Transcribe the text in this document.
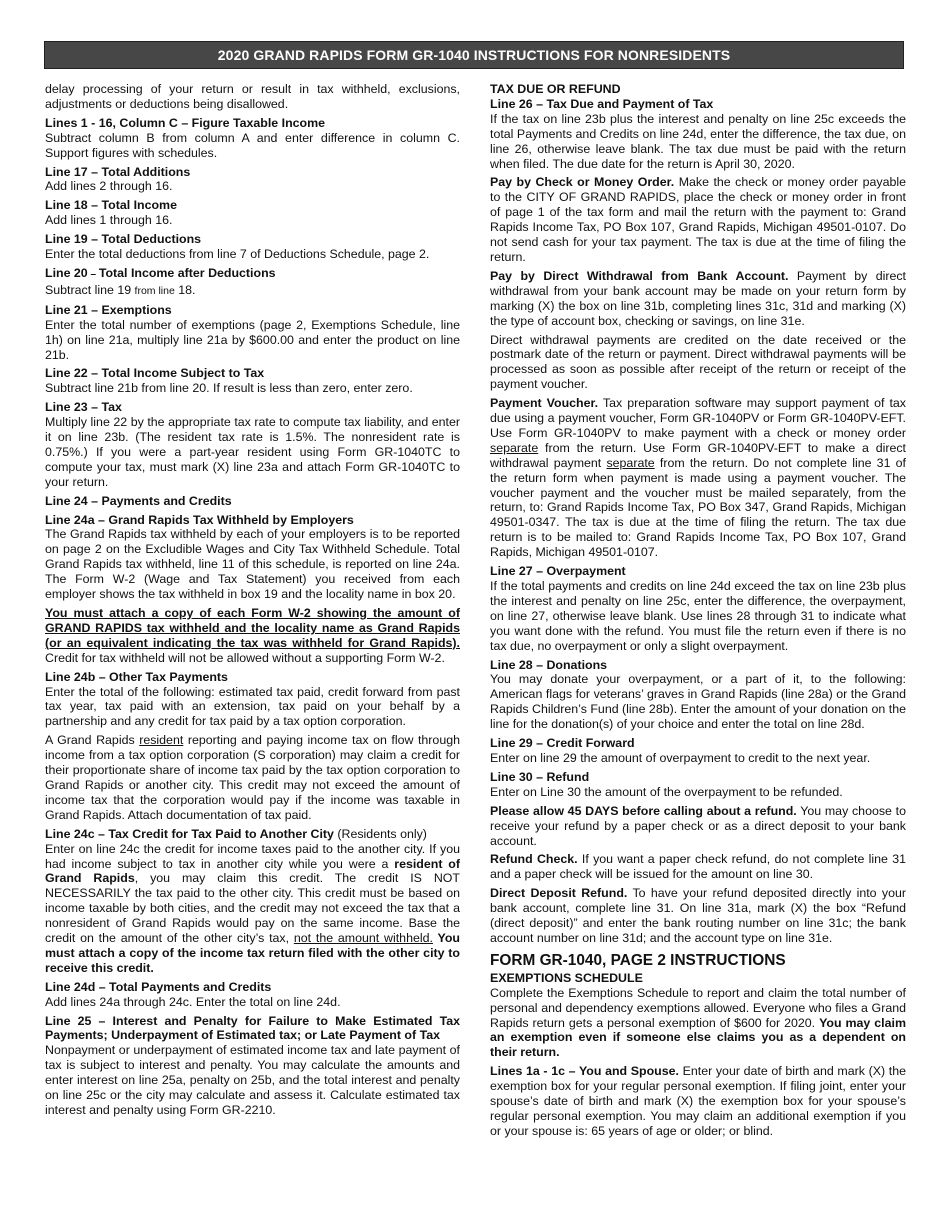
2020 GRAND RAPIDS FORM GR-1040 INSTRUCTIONS FOR NONRESIDENTS

delay processing of your return or result in tax withheld, exclusions, adjustments or deductions being disallowed.

Lines 1 - 16, Column C – Figure Taxable Income

Subtract column B from column A and enter difference in column C. Support figures with schedules.

Line 17 – Total Additions

Add lines 2 through 16.

Line 18 – Total Income

Add lines 1 through 16.

Line 19 – Total Deductions

Enter the total deductions from line 7 of Deductions Schedule, page 2.

Line 20 – Total Income after Deductions

Subtract line 19 from line 18.

Line 21 – Exemptions

Enter the total number of exemptions (page 2, Exemptions Schedule, line 1h) on line 21a, multiply line 21a by $600.00 and enter the product on line 21b.

Line 22 – Total Income Subject to Tax

Subtract line 21b from line 20. If result is less than zero, enter zero.

Line 23 – Tax

Multiply line 22 by the appropriate tax rate to compute tax liability, and enter it on line 23b. (The resident tax rate is 1.5%. The nonresident rate is 0.75%.) If you were a part-year resident using Form GR-1040TC to compute your tax, must mark (X) line 23a and attach Form GR-1040TC to your return.

Line 24 – Payments and Credits
Line 24a – Grand Rapids Tax Withheld by Employers

The Grand Rapids tax withheld by each of your employers is to be reported on page 2 on the Excludible Wages and City Tax Withheld Schedule. Total Grand Rapids tax withheld, line 11 of this schedule, is reported on line 24a. The Form W-2 (Wage and Tax Statement) you received from each employer shows the tax withheld in box 19 and the locality name in box 20.

You must attach a copy of each Form W-2 showing the amount of GRAND RAPIDS tax withheld and the locality name as Grand Rapids (or an equivalent indicating the tax was withheld for Grand Rapids). Credit for tax withheld will not be allowed without a supporting Form W-2.

Line 24b – Other Tax Payments

Enter the total of the following: estimated tax paid, credit forward from past tax year, tax paid with an extension, tax paid on your behalf by a partnership and any credit for tax paid by a tax option corporation.

A Grand Rapids resident reporting and paying income tax on flow through income from a tax option corporation (S corporation) may claim a credit for their proportionate share of income tax paid by the tax option corporation to Grand Rapids or another city. This credit may not exceed the amount of income tax that the corporation would pay if the income was taxable in Grand Rapids. Attach documentation of tax paid.

Line 24c – Tax Credit for Tax Paid to Another City (Residents only)

Enter on line 24c the credit for income taxes paid to the another city. If you had income subject to tax in another city while you were a resident of Grand Rapids, you may claim this credit. The credit IS NOT NECESSARILY the tax paid to the other city. This credit must be based on income taxable by both cities, and the credit may not exceed the tax that a nonresident of Grand Rapids would pay on the same income. Base the credit on the amount of the other city’s tax, not the amount withheld. You must attach a copy of the income tax return filed with the other city to receive this credit.

Line 24d – Total Payments and Credits

Add lines 24a through 24c. Enter the total on line 24d.

Line 25 – Interest and Penalty for Failure to Make Estimated Tax Payments; Underpayment of Estimated tax; or Late Payment of Tax

Nonpayment or underpayment of estimated income tax and late payment of tax is subject to interest and penalty. You may calculate the amounts and enter interest on line 25a, penalty on 25b, and the total interest and penalty on line 25c or the city may calculate and assess it. Calculate estimated tax interest and penalty using Form GR-2210.

TAX DUE OR REFUND
Line 26 – Tax Due and Payment of Tax

If the tax on line 23b plus the interest and penalty on line 25c exceeds the total Payments and Credits on line 24d, enter the difference, the tax due, on line 26, otherwise leave blank. The tax due must be paid with the return when filed. The due date for the return is April 30, 2020.

Pay by Check or Money Order. Make the check or money order payable to the CITY OF GRAND RAPIDS, place the check or money order in front of page 1 of the tax form and mail the return with the payment to: Grand Rapids Income Tax, PO Box 107, Grand Rapids, Michigan 49501-0107. Do not send cash for your tax payment. The tax is due at the time of filing the return.

Pay by Direct Withdrawal from Bank Account. Payment by direct withdrawal from your bank account may be made on your return form by marking (X) the box on line 31b, completing lines 31c, 31d and marking (X) the type of account box, checking or savings, on line 31e.

Direct withdrawal payments are credited on the date received or the postmark date of the return or payment. Direct withdrawal payments will be processed as soon as possible after receipt of the return or receipt of the payment voucher.

Payment Voucher. Tax preparation software may support payment of tax due using a payment voucher, Form GR-1040PV or Form GR-1040PV-EFT. Use Form GR-1040PV to make payment with a check or money order separate from the return. Use Form GR-1040PV-EFT to make a direct withdrawal payment separate from the return. Do not complete line 31 of the return form when payment is made using a payment voucher. The voucher payment and the voucher must be mailed separately, from the return, to: Grand Rapids Income Tax, PO Box 347, Grand Rapids, Michigan 49501-0347. The tax is due at the time of filing the return. The tax due return is to be mailed to: Grand Rapids Income Tax, PO Box 107, Grand Rapids, Michigan 49501-0107.

Line 27 – Overpayment

If the total payments and credits on line 24d exceed the tax on line 23b plus the interest and penalty on line 25c, enter the difference, the overpayment, on line 27, otherwise leave blank. Use lines 28 through 31 to indicate what you want done with the refund. You must file the return even if there is no tax due, no overpayment or only a slight overpayment.

Line 28 – Donations

You may donate your overpayment, or a part of it, to the following: American flags for veterans’ graves in Grand Rapids (line 28a) or the Grand Rapids Children’s Fund (line 28b). Enter the amount of your donation on the line for the donation(s) of your choice and enter the total on line 28d.

Line 29 – Credit Forward

Enter on line 29 the amount of overpayment to credit to the next year.

Line 30 – Refund

Enter on Line 30 the amount of the overpayment to be refunded.

Please allow 45 DAYS before calling about a refund. You may choose to receive your refund by a paper check or as a direct deposit to your bank account.

Refund Check. If you want a paper check refund, do not complete line 31 and a paper check will be issued for the amount on line 30.

Direct Deposit Refund. To have your refund deposited directly into your bank account, complete line 31. On line 31a, mark (X) the box “Refund (direct deposit)” and enter the bank routing number on line 31c; the bank account number on line 31d; and the account type on line 31e.

FORM GR-1040, PAGE 2 INSTRUCTIONS
EXEMPTIONS SCHEDULE

Complete the Exemptions Schedule to report and claim the total number of personal and dependency exemptions allowed. Everyone who files a Grand Rapids return gets a personal exemption of $600 for 2020. You may claim an exemption even if someone else claims you as a dependent on their return.

Lines 1a - 1c – You and Spouse. Enter your date of birth and mark (X) the exemption box for your regular personal exemption. If filing joint, enter your spouse’s date of birth and mark (X) the exemption box for your spouse’s regular personal exemption. You may claim an additional exemption if you or your spouse is: 65 years of age or older; or blind.
